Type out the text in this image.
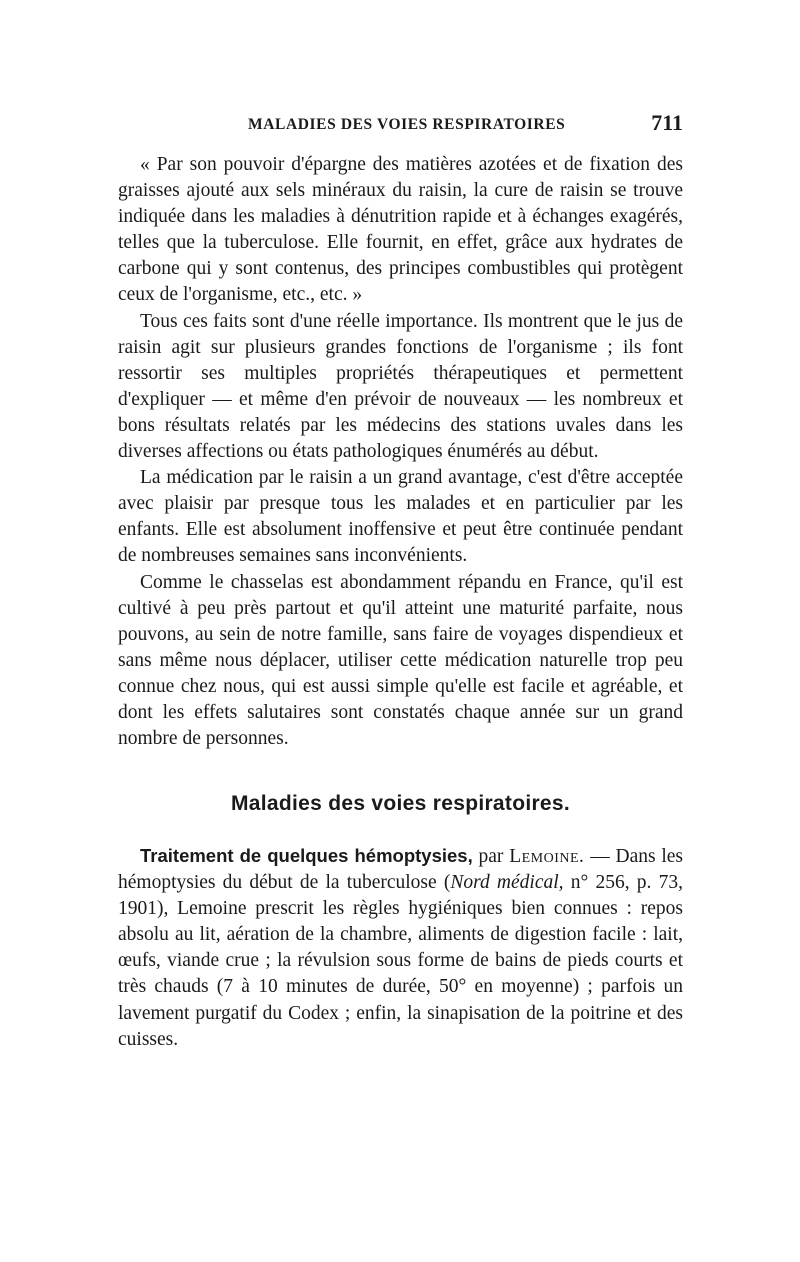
MALADIES DES VOIES RESPIRATOIRES	711

« Par son pouvoir d'épargne des matières azotées et de fixation des graisses ajouté aux sels minéraux du raisin, la cure de raisin se trouve indiquée dans les maladies à dénutrition rapide et à échanges exagérés, telles que la tuberculose. Elle fournit, en effet, grâce aux hydrates de carbone qui y sont contenus, des principes combustibles qui protègent ceux de l'organisme, etc., etc. »

Tous ces faits sont d'une réelle importance. Ils montrent que le jus de raisin agit sur plusieurs grandes fonctions de l'organisme ; ils font ressortir ses multiples propriétés thérapeutiques et permettent d'expliquer — et même d'en prévoir de nouveaux — les nombreux et bons résultats relatés par les médecins des stations uvales dans les diverses affections ou états pathologiques énumérés au début.

La médication par le raisin a un grand avantage, c'est d'être acceptée avec plaisir par presque tous les malades et en particulier par les enfants. Elle est absolument inoffensive et peut être continuée pendant de nombreuses semaines sans inconvénients.

Comme le chasselas est abondamment répandu en France, qu'il est cultivé à peu près partout et qu'il atteint une maturité parfaite, nous pouvons, au sein de notre famille, sans faire de voyages dispendieux et sans même nous déplacer, utiliser cette médication naturelle trop peu connue chez nous, qui est aussi simple qu'elle est facile et agréable, et dont les effets salutaires sont constatés chaque année sur un grand nombre de personnes.

Maladies des voies respiratoires.

Traitement de quelques hémoptysies, par Lemoine. — Dans les hémoptysies du début de la tuberculose (Nord médical, n° 256, p. 73, 1901), Lemoine prescrit les règles hygiéniques bien connues : repos absolu au lit, aération de la chambre, aliments de digestion facile : lait, œufs, viande crue ; la révulsion sous forme de bains de pieds courts et très chauds (7 à 10 minutes de durée, 50° en moyenne) ; parfois un lavement purgatif du Codex ; enfin, la sinapisation de la poitrine et des cuisses.
